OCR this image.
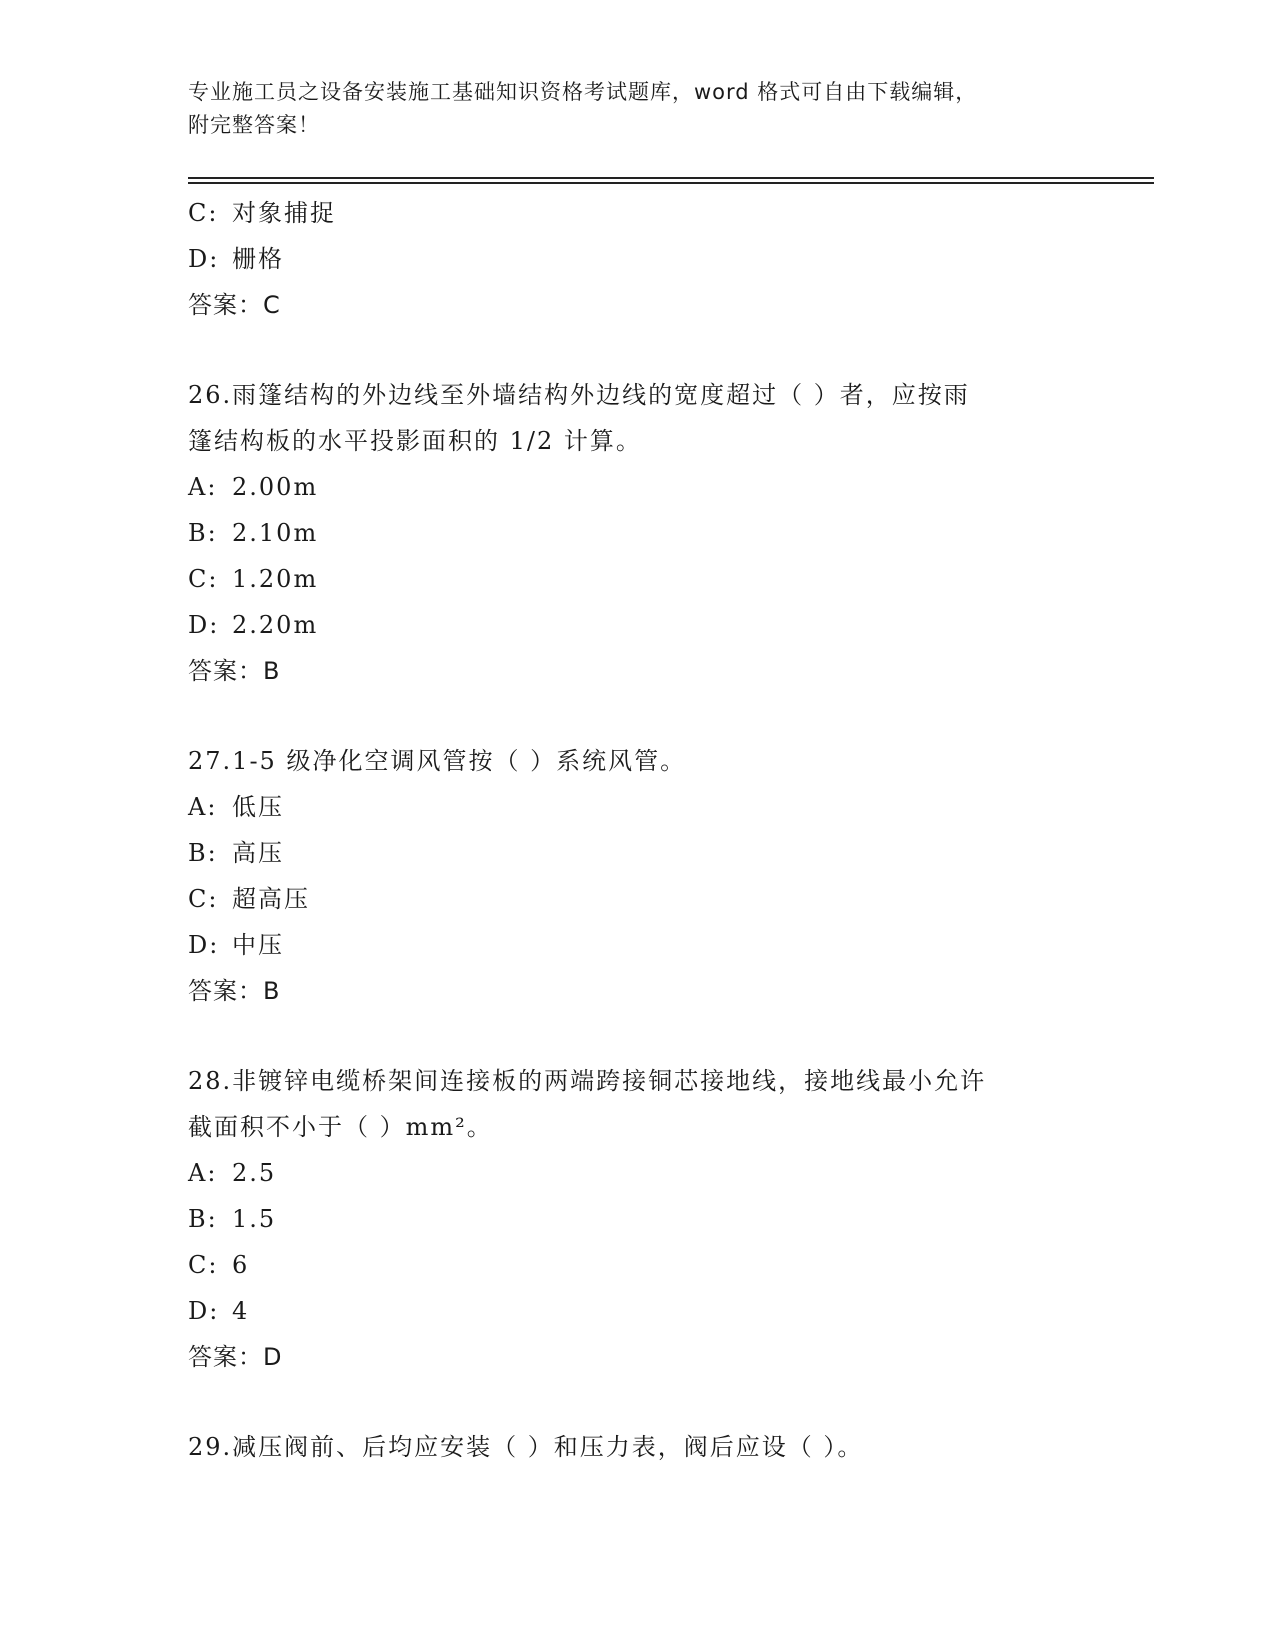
专业施工员之设备安装施工基础知识资格考试题库，word 格式可自由下载编辑，
附完整答案！
C: 对象捕捉
D: 栅格
答案：C
26.雨篷结构的外边线至外墙结构外边线的宽度超过（ ）者，应按雨
篷结构板的水平投影面积的 1/2 计算。
A: 2.00m
B: 2.10m
C: 1.20m
D: 2.20m
答案：B
27.1-5 级净化空调风管按（ ）系统风管。
A: 低压
B: 高压
C: 超高压
D: 中压
答案：B
28.非镀锌电缆桥架间连接板的两端跨接铜芯接地线，接地线最小允许
截面积不小于（ ）mm²。
A: 2.5
B: 1.5
C: 6
D: 4
答案：D
29.减压阀前、后均应安装（ ）和压力表，阀后应设（ ）。
